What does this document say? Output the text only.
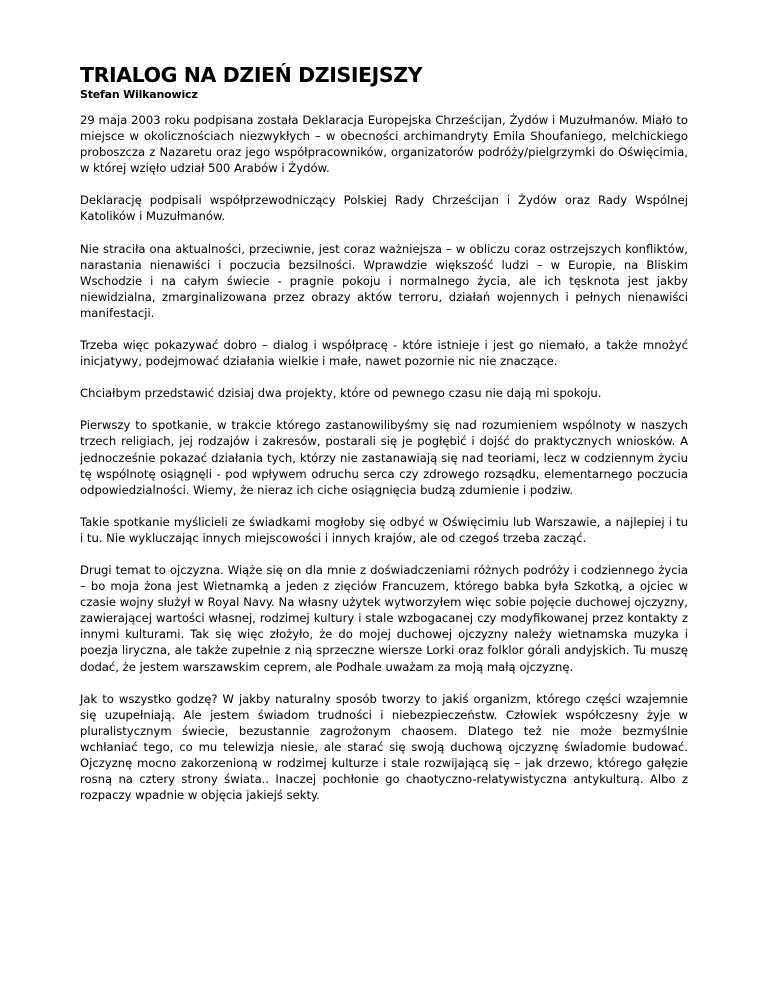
TRIALOG NA DZIEŃ DZISIEJSZY
Stefan Wilkanowicz

29 maja 2003 roku podpisana została Deklaracja Europejska Chrześcijan, Żydów i Muzułmanów. Miało to miejsce w okolicznościach niezwykłych – w obecności archimandryty Emila Shoufaniego, melchickiego proboszcza z Nazaretu oraz jego współpracowników, organizatorów podróży/pielgrzymki do Oświęcimia, w której wzięło udział 500 Arabów i Żydów.

Deklarację podpisali współprzewodniczący Polskiej Rady Chrześcijan i Żydów oraz Rady Wspólnej Katolików i Muzułmanów.

Nie straciła ona aktualności, przeciwnie, jest coraz ważniejsza – w obliczu coraz ostrzejszych konfliktów, narastania nienawiści i poczucia bezsilności. Wprawdzie większość ludzi – w Europie, na Bliskim Wschodzie i na całym świecie - pragnie pokoju i normalnego życia, ale ich tęsknota jest jakby niewidzialna, zmarginalizowana przez obrazy aktów terroru, działań wojennych i pełnych nienawiści manifestacji.

Trzeba więc pokazywać dobro – dialog i współpracę - które istnieje i jest go niemało, a także mnożyć inicjatywy, podejmować działania wielkie i małe, nawet pozornie nic nie znaczące.

Chciałbym przedstawić dzisiaj dwa projekty, które od pewnego czasu nie dają mi spokoju.

Pierwszy to spotkanie, w trakcie którego zastanowilibyśmy się nad rozumieniem wspólnoty w naszych trzech religiach, jej rodzajów i zakresów, postarali się je pogłębić i dojść do praktycznych wniosków. A jednocześnie pokazać działania tych, którzy nie zastanawiają się nad teoriami, lecz w codziennym życiu tę wspólnotę osiągnęli - pod wpływem odruchu serca czy zdrowego rozsądku, elementarnego poczucia odpowiedzialności. Wiemy, że nieraz ich ciche osiągnięcia budzą zdumienie i podziw.

Takie spotkanie myślicieli ze świadkami mogłoby się odbyć w Oświęcimiu lub Warszawie, a najlepiej i tu i tu. Nie wykluczając innych miejscowości i innych krajów, ale od czegoś trzeba zacząć.

Drugi temat to ojczyzna. Wiąże się on dla mnie z doświadczeniami różnych podróży i codziennego życia – bo moja żona jest Wietnamką a jeden z zięciów Francuzem, którego babka była Szkotką, a ojciec w czasie wojny służył w Royal Navy. Na własny użytek wytworzyłem więc sobie pojęcie duchowej ojczyzny, zawierającej wartości własnej, rodzimej kultury i stale wzbogacanej czy modyfikowanej przez kontakty z innymi kulturami. Tak się więc złożyło, że do mojej duchowej ojczyzny należy wietnamska muzyka i poezja liryczna, ale także zupełnie z nią sprzeczne wiersze Lorki oraz folklor górali andyjskich. Tu muszę dodać, że jestem warszawskim ceprem, ale Podhale uważam za moją małą ojczyznę.

Jak to wszystko godzę? W jakby naturalny sposób tworzy to jakiś organizm, którego części wzajemnie się uzupełniają. Ale jestem świadom trudności i niebezpieczeństw. Człowiek współczesny żyje w pluralistycznym świecie, bezustannie zagrożonym chaosem. Dlatego też nie może bezmyślnie wchłaniać tego, co mu telewizja niesie, ale starać się swoją duchową ojczyznę świadomie budować. Ojczyznę mocno zakorzenioną w rodzimej kulturze i stale rozwijającą się – jak drzewo, którego gałęzie rosną na cztery strony świata.. Inaczej pochłonie go chaotyczno-relatywistyczna antykulturą. Albo z rozpaczy wpadnie w objęcia jakiejś sekty.
